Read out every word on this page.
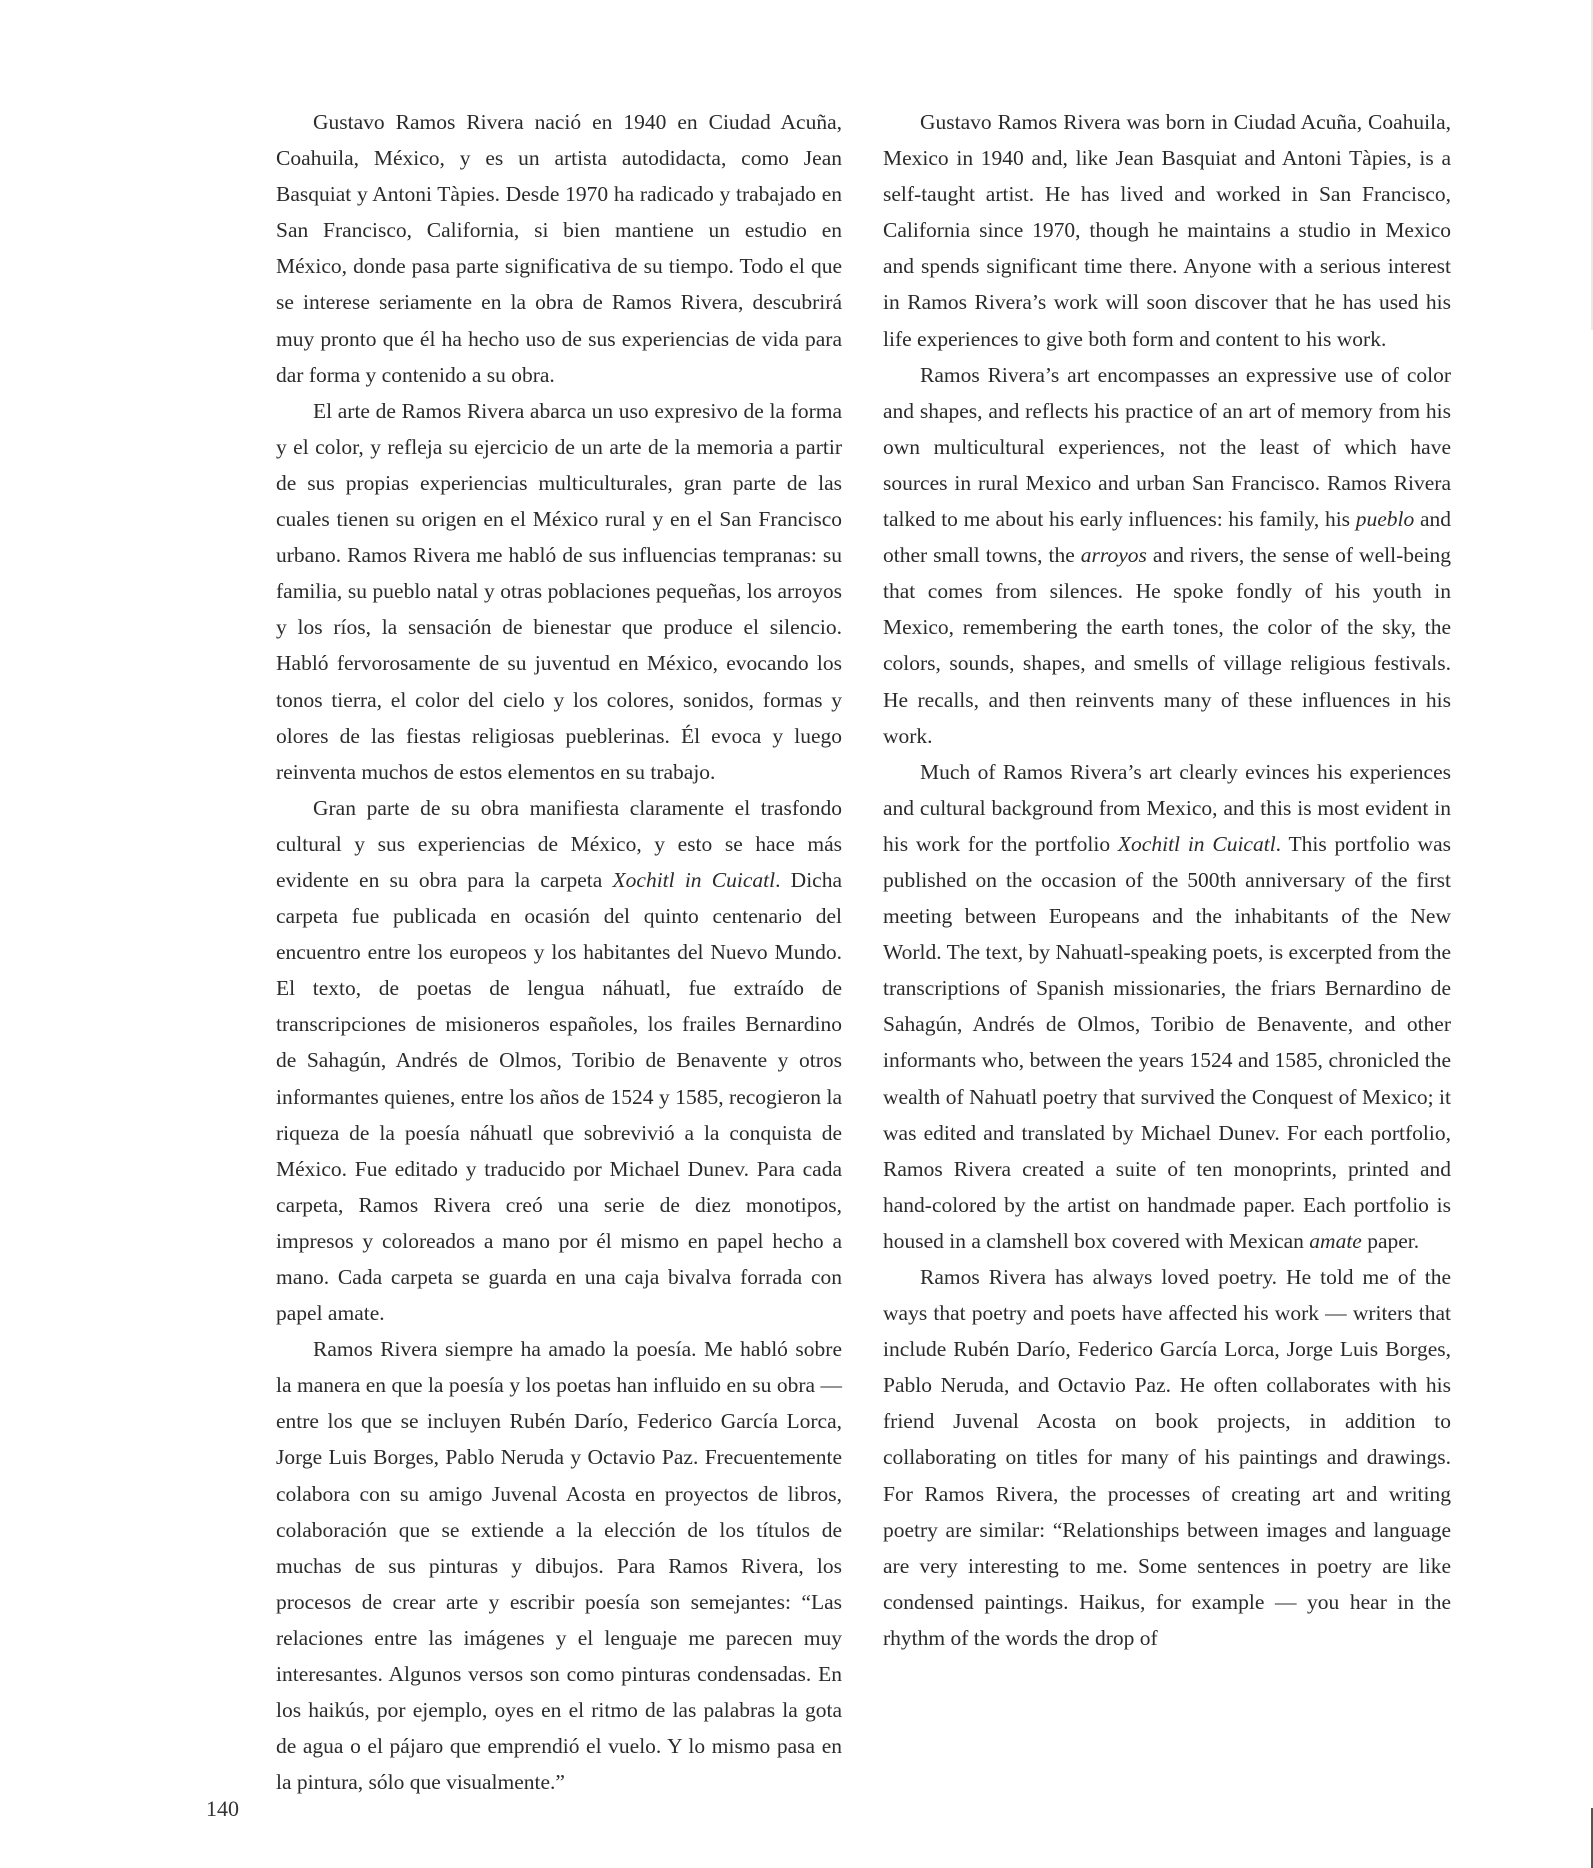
Gustavo Ramos Rivera nació en 1940 en Ciudad Acuña, Coahuila, México, y es un artista autodidacta, como Jean Basquiat y Antoni Tàpies. Desde 1970 ha radicado y trabajado en San Francisco, California, si bien mantiene un estudio en México, donde pasa parte significativa de su tiempo. Todo el que se interese seriamente en la obra de Ramos Rivera, descubrirá muy pronto que él ha hecho uso de sus experiencias de vida para dar forma y contenido a su obra.

El arte de Ramos Rivera abarca un uso expresivo de la forma y el color, y refleja su ejercicio de un arte de la memoria a partir de sus propias experiencias multiculturales, gran parte de las cuales tienen su origen en el México rural y en el San Francisco urbano. Ramos Rivera me habló de sus influencias tempranas: su familia, su pueblo natal y otras poblaciones pequeñas, los arroyos y los ríos, la sensación de bienestar que produce el silencio. Habló fervorosamente de su juventud en México, evocando los tonos tierra, el color del cielo y los colores, sonidos, formas y olores de las fiestas religiosas pueblerinas. Él evoca y luego reinventa muchos de estos elementos en su trabajo.

Gran parte de su obra manifiesta claramente el trasfondo cultural y sus experiencias de México, y esto se hace más evidente en su obra para la carpeta Xochitl in Cuicatl. Dicha carpeta fue publicada en ocasión del quinto centenario del encuentro entre los europeos y los habitantes del Nuevo Mundo. El texto, de poetas de lengua náhuatl, fue extraído de transcripciones de misioneros españoles, los frailes Bernardino de Sahagún, Andrés de Olmos, Toribio de Benavente y otros informantes quienes, entre los años de 1524 y 1585, recogieron la riqueza de la poesía náhuatl que sobrevivió a la conquista de México. Fue editado y traducido por Michael Dunev. Para cada carpeta, Ramos Rivera creó una serie de diez monotipos, impresos y coloreados a mano por él mismo en papel hecho a mano. Cada carpeta se guarda en una caja bivalva forrada con papel amate.

Ramos Rivera siempre ha amado la poesía. Me habló sobre la manera en que la poesía y los poetas han influido en su obra — entre los que se incluyen Rubén Darío, Federico García Lorca, Jorge Luis Borges, Pablo Neruda y Octavio Paz. Frecuentemente colabora con su amigo Juvenal Acosta en proyectos de libros, colaboración que se extiende a la elección de los títulos de muchas de sus pinturas y dibujos. Para Ramos Rivera, los procesos de crear arte y escribir poesía son semejantes: “Las relaciones entre las imágenes y el lenguaje me parecen muy interesantes. Algunos versos son como pinturas condensadas. En los haikús, por ejemplo, oyes en el ritmo de las palabras la gota de agua o el pájaro que emprendió el vuelo. Y lo mismo pasa en la pintura, sólo que visualmente.”

Gustavo Ramos Rivera was born in Ciudad Acuña, Coahuila, Mexico in 1940 and, like Jean Basquiat and Antoni Tàpies, is a self-taught artist. He has lived and worked in San Francisco, California since 1970, though he maintains a studio in Mexico and spends significant time there. Anyone with a serious interest in Ramos Rivera’s work will soon discover that he has used his life experiences to give both form and content to his work.

Ramos Rivera’s art encompasses an expressive use of color and shapes, and reflects his practice of an art of memory from his own multicultural experiences, not the least of which have sources in rural Mexico and urban San Francisco. Ramos Rivera talked to me about his early influences: his family, his pueblo and other small towns, the arroyos and rivers, the sense of well-being that comes from silences. He spoke fondly of his youth in Mexico, remembering the earth tones, the color of the sky, the colors, sounds, shapes, and smells of village religious festivals. He recalls, and then reinvents many of these influences in his work.

Much of Ramos Rivera’s art clearly evinces his experiences and cultural background from Mexico, and this is most evident in his work for the portfolio Xochitl in Cuicatl. This portfolio was published on the occasion of the 500th anniversary of the first meeting between Europeans and the inhabitants of the New World. The text, by Nahuatl-speaking poets, is excerpted from the transcriptions of Spanish missionaries, the friars Bernardino de Sahagún, Andrés de Olmos, Toribio de Benavente, and other informants who, between the years 1524 and 1585, chronicled the wealth of Nahuatl poetry that survived the Conquest of Mexico; it was edited and translated by Michael Dunev. For each portfolio, Ramos Rivera created a suite of ten monoprints, printed and hand-colored by the artist on handmade paper. Each portfolio is housed in a clamshell box covered with Mexican amate paper.

Ramos Rivera has always loved poetry. He told me of the ways that poetry and poets have affected his work — writers that include Rubén Darío, Federico García Lorca, Jorge Luis Borges, Pablo Neruda, and Octavio Paz. He often collaborates with his friend Juvenal Acosta on book projects, in addition to collaborating on titles for many of his paintings and drawings. For Ramos Rivera, the processes of creating art and writing poetry are similar: “Relationships between images and language are very interesting to me. Some sentences in poetry are like condensed paintings. Haikus, for example — you hear in the rhythm of the words the drop of

140
